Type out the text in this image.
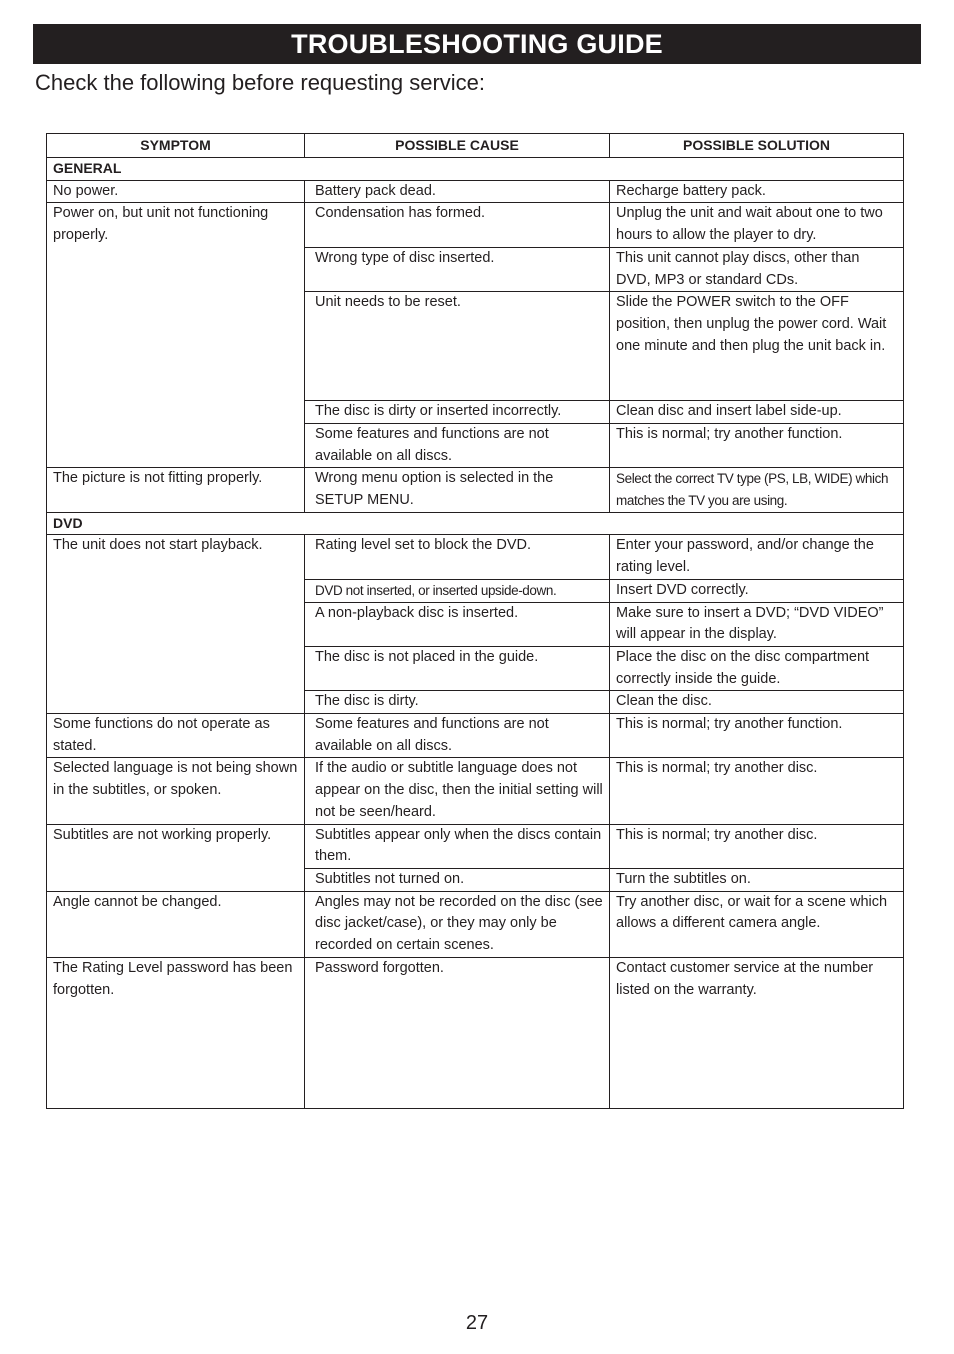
TROUBLESHOOTING GUIDE
Check the following before requesting service:
SYMPTOM	POSSIBLE CAUSE	POSSIBLE SOLUTION
GENERAL		
No power.	Battery pack dead.	Recharge battery pack.
Power on, but unit not functioning properly.	Condensation has formed.	Unplug the unit and wait about one to two hours to allow the player to dry.
	Wrong type of disc inserted.	This unit cannot play discs, other than DVD, MP3 or standard CDs.
	Unit needs to be reset.	Slide the POWER switch to the OFF position, then unplug the power cord. Wait one minute and then plug the unit back in.
	The disc is dirty or inserted incorrectly.	Clean disc and insert label side-up.
	Some features and functions are not available on all discs.	This is normal; try another function.
The picture is not fitting properly.	Wrong menu option is selected in the SETUP MENU.	Select the correct TV type (PS, LB, WIDE) which matches the TV you are using.
DVD		
The unit does not start playback.	Rating level set to block the DVD.	Enter your password, and/or change the rating level.
	DVD not inserted, or inserted upside-down.	Insert DVD correctly.
	A non-playback disc is inserted.	Make sure to insert a DVD; “DVD VIDEO” will appear in the display.
	The disc is not placed in the guide.	Place the disc on the disc compartment correctly inside the guide.
	The disc is dirty.	Clean the disc.
Some functions do not operate as stated.	Some features and functions are not available on all discs.	This is normal; try another function.
Selected language is not being shown in the subtitles, or spoken.	If the audio or subtitle language does not appear on the disc, then the initial setting will not be seen/heard.	This is normal; try another disc.
Subtitles are not working properly.	Subtitles appear only when the discs contain them.	This is normal; try another disc.
	Subtitles not turned on.	Turn the subtitles on.
Angle cannot be changed.	Angles may not be recorded on the disc (see disc jacket/case), or they may only be recorded on certain scenes.	Try another disc, or wait for a scene which allows a different camera angle.
The Rating Level password has been forgotten.	Password forgotten.	Contact customer service at the number listed on the warranty.
27
